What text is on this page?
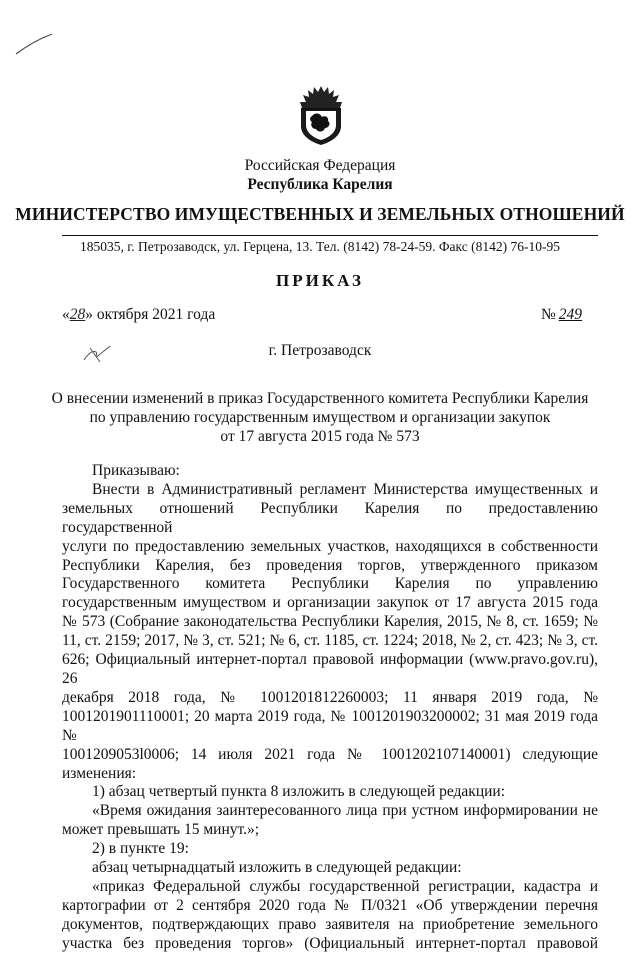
Российская Федерация
Республика Карелия
МИНИСТЕРСТВО ИМУЩЕСТВЕННЫХ И ЗЕМЕЛЬНЫХ ОТНОШЕНИЙ
185035, г. Петрозаводск, ул. Герцена, 13. Тел. (8142) 78-24-59. Факс (8142) 76-10-95
ПРИКАЗ
«28» октября 2021 года	№ 249
г. Петрозаводск
О внесении изменений в приказ Государственного комитета Республики Карелия
по управлению государственным имуществом и организации закупок
от 17 августа 2015 года № 573

Приказываю:

Внести в Административный регламент Министерства имущественных и

земельных отношений Республики Карелия по предоставлению государственной

услуги по предоставлению земельных участков, находящихся в собственности

Республики Карелия, без проведения торгов, утвержденного приказом

Государственного комитета Республики Карелия по управлению

государственным имуществом и организации закупок от 17 августа 2015 года

№ 573 (Собрание законодательства Республики Карелия, 2015, № 8, ст. 1659; №

11, ст. 2159; 2017, № 3, ст. 521; № 6, ст. 1185, ст. 1224; 2018, № 2, ст. 423; № 3, ст.

626; Официальный интернет-портал правовой информации (www.pravo.gov.ru), 26

декабря 2018 года, № 1001201812260003; 11 января 2019 года, №

1001201901110001; 20 марта 2019 года, № 1001201903200002; 31 мая 2019 года №

1001209053l0006; 14 июля 2021 года № 1001202107140001) следующие

изменения:

1) абзац четвертый пункта 8 изложить в следующей редакции:

«Время ожидания заинтересованного лица при устном информировании не

может превышать 15 минут.»;

2) в пункте 19:

абзац четырнадцатый изложить в следующей редакции:

«приказ Федеральной службы государственной регистрации, кадастра и

картографии от 2 сентября 2020 года № П/0321 «Об утверждении перечня

документов, подтверждающих право заявителя на приобретение земельного

участка без проведения торгов» (Официальный интернет-портал правовой
